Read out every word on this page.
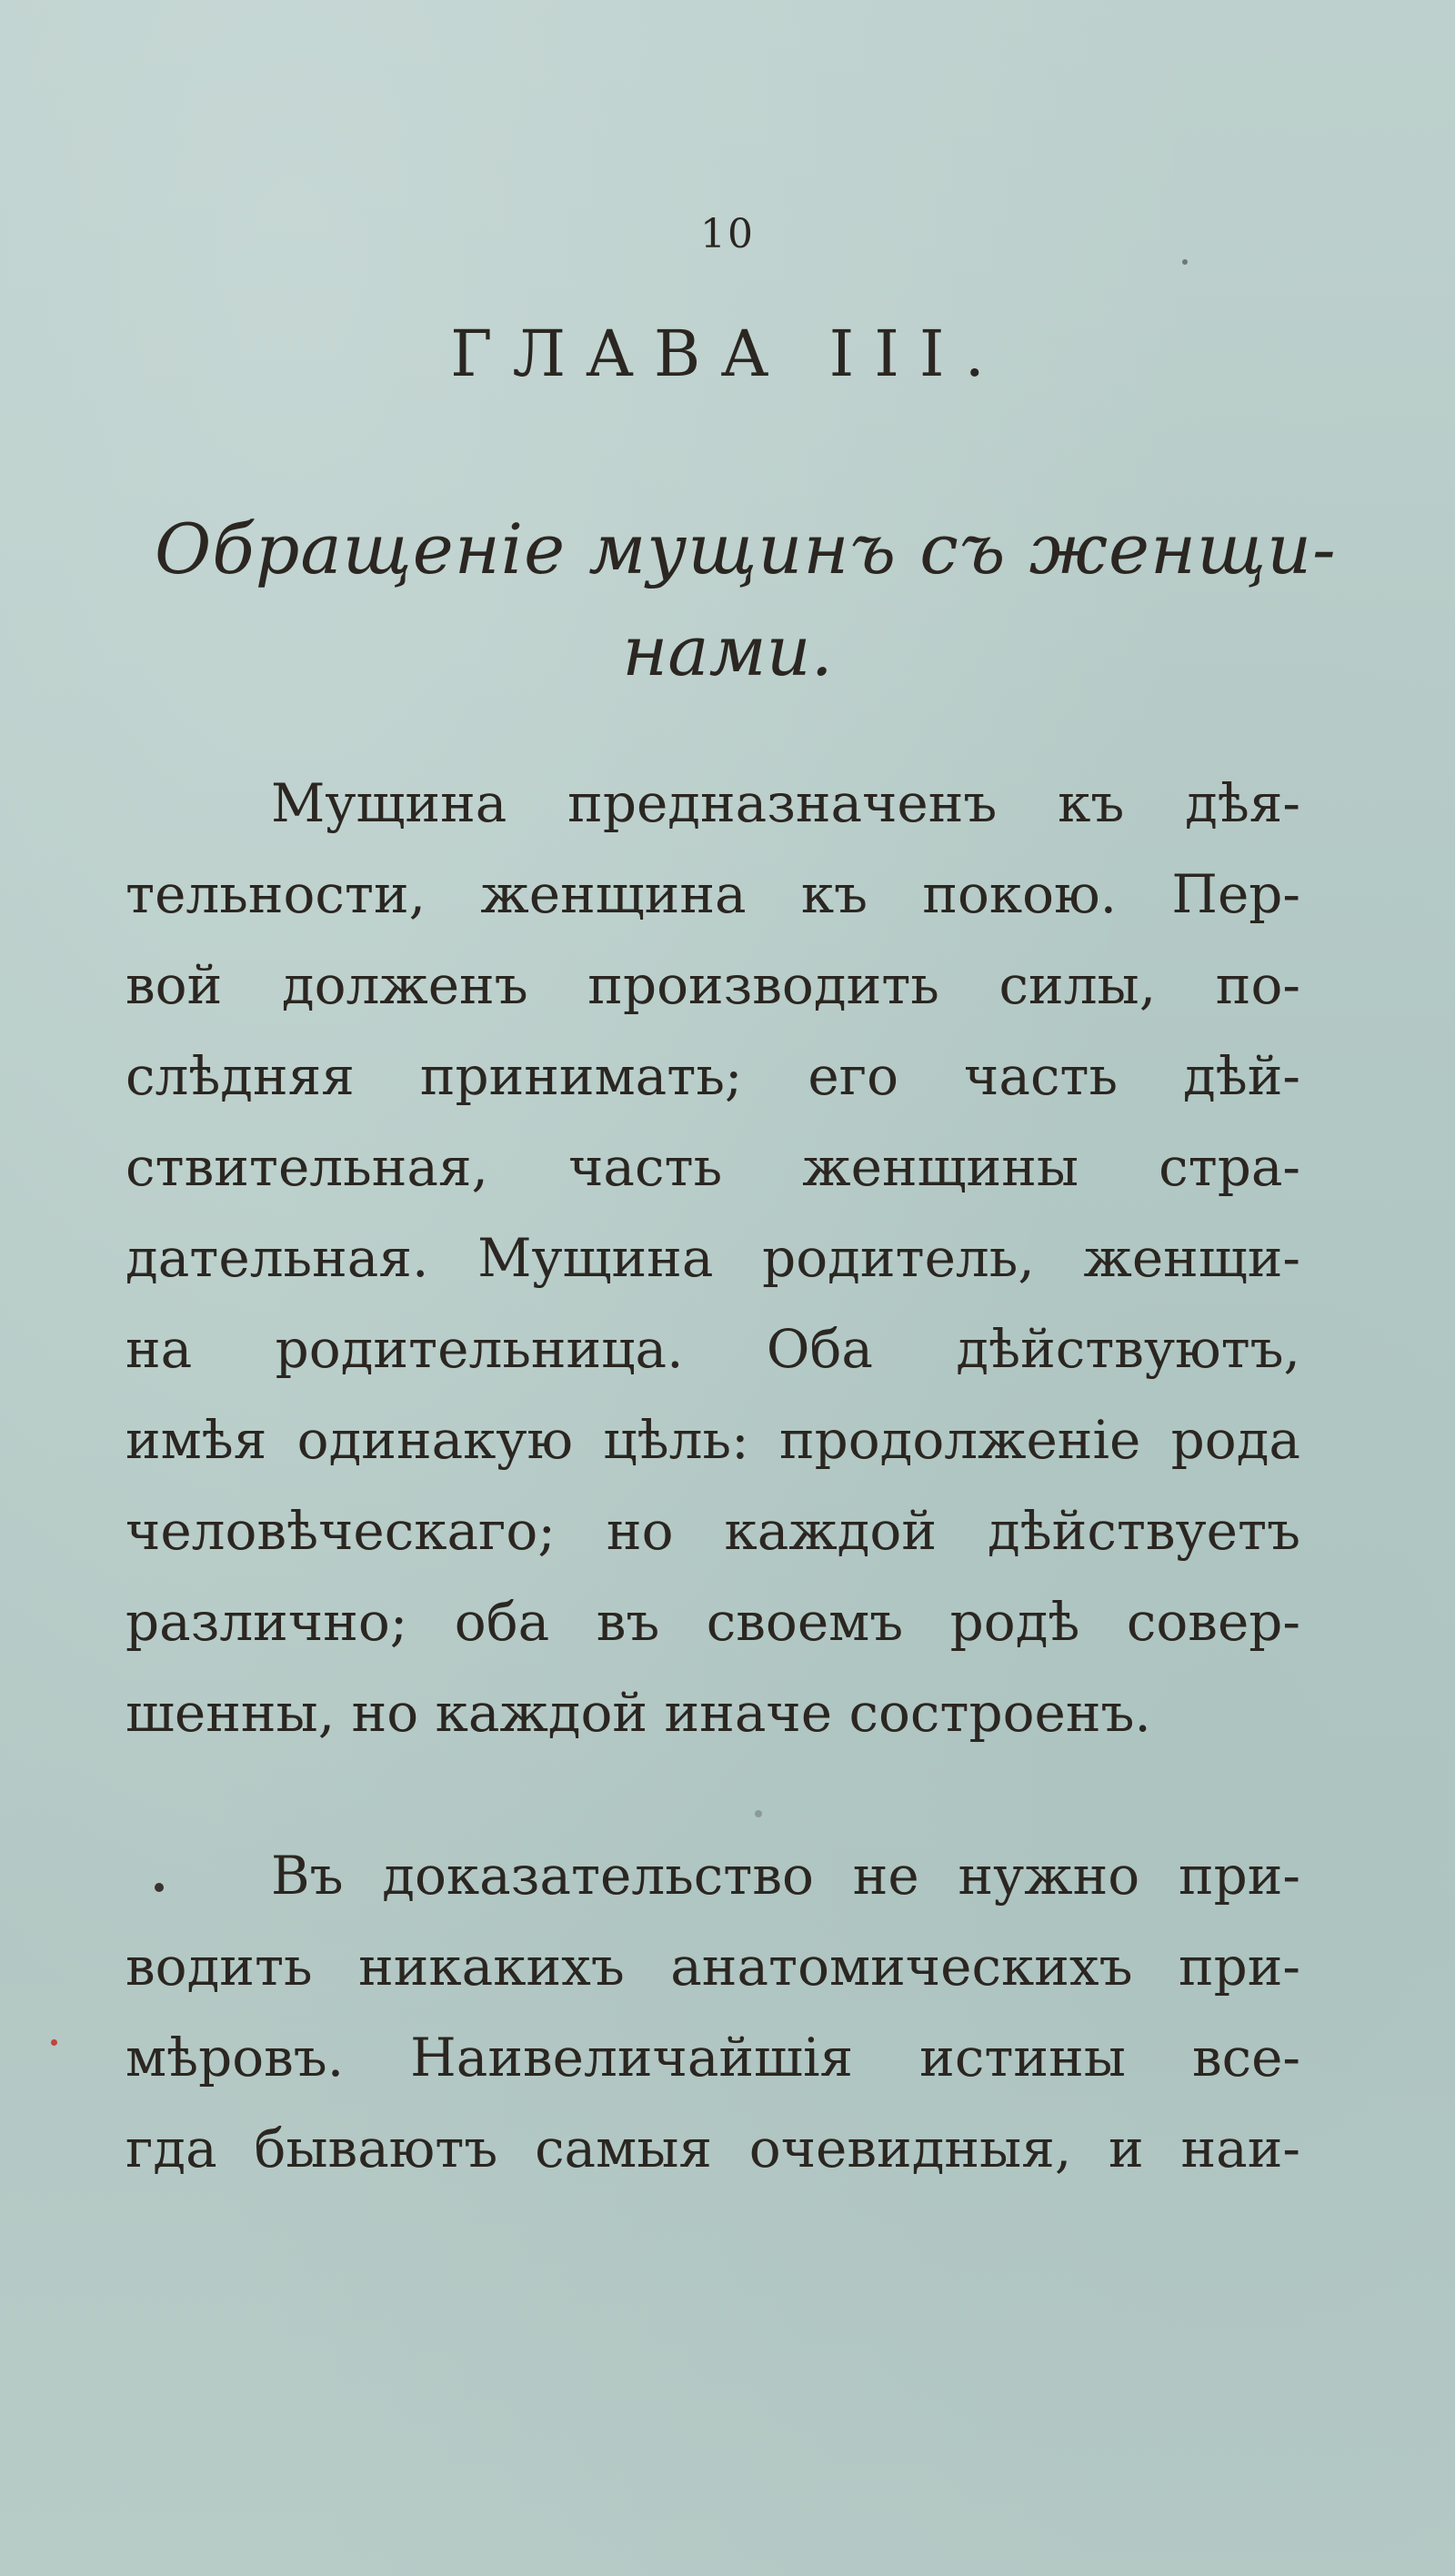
10
ГЛАВА III.
Обращеніе мущинъ съ женщи-
нами.
Мущина предназначенъ къ дѣя-
тельности, женщина къ покою. Пер-
вой долженъ производить силы, по-
слѣдняя принимать; его часть дѣй-
ствительная, часть женщины стра-
дательная. Мущина родитель, женщи-
на родительница. Оба дѣйствуютъ,
имѣя одинакую цѣль: продолженіе рода
человѣческаго; но каждой дѣйствуетъ
различно; оба въ своемъ родѣ совер-
шенны, но каждой иначе состроенъ.
Въ доказательство не нужно при-
водить никакихъ анатомическихъ при-
мѣровъ. Наивеличайшія истины все-
гда бываютъ самыя очевидныя, и наи-
